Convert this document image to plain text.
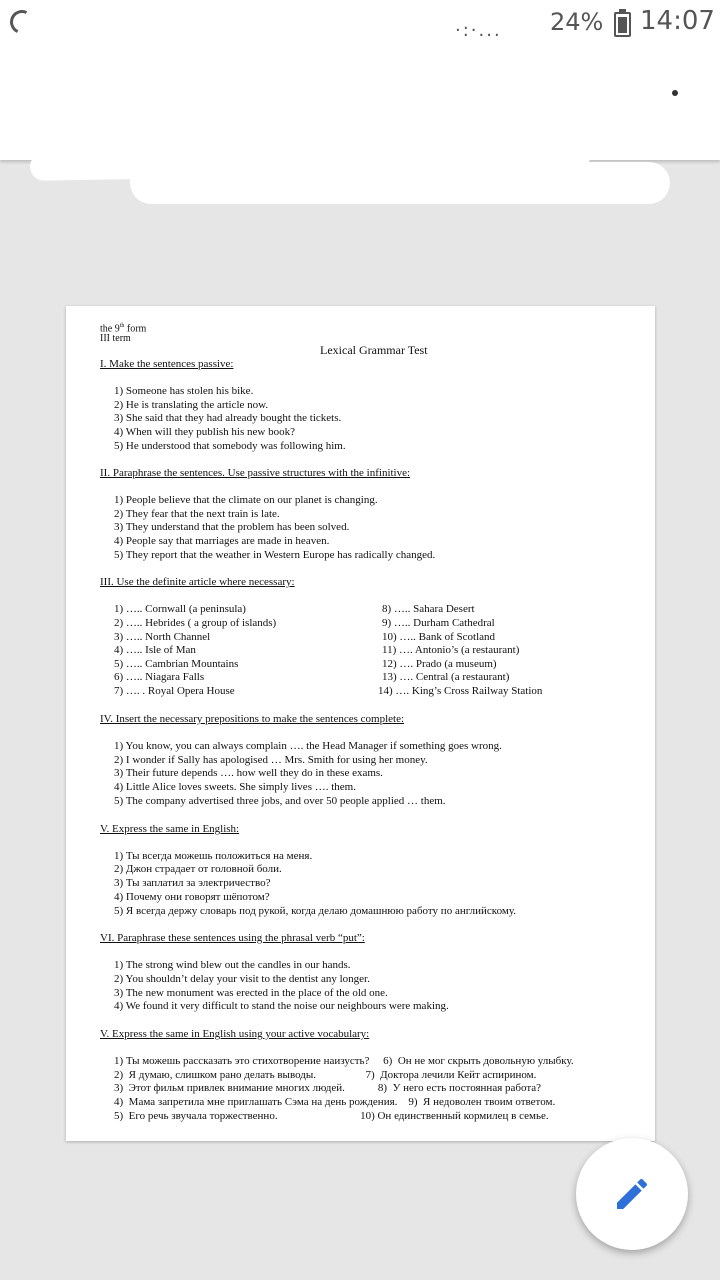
·:·... 24% 14:07
the 9th form
III term
Lexical Grammar Test
I. Make the sentences passive:
1) Someone has stolen his bike.
2) He is translating the article now.
3) She said that they had already bought the tickets.
4) When will they publish his new book?
5) He understood that somebody was following him.
II. Paraphrase the sentences. Use passive structures with the infinitive:
1) People believe that the climate on our planet is changing.
2) They fear that the next train is late.
3) They understand that the problem has been solved.
4) People say that marriages are made in heaven.
5) They report that the weather in Western Europe has radically changed.
III. Use the definite article where necessary:
1) ….. Cornwall (a peninsula)
2) ….. Hebrides ( a group of islands)
3) ….. North Channel
4) ….. Isle of Man
5) ….. Cambrian Mountains
6) ….. Niagara Falls
7) …. . Royal Opera House
8) ….. Sahara Desert
9) ….. Durham Cathedral
10) ….. Bank of Scotland
11) …. Antonio’s (a restaurant)
12) …. Prado (a museum)
13) …. Central (a restaurant)
14) …. King’s Cross Railway Station
IV. Insert the necessary prepositions to make the sentences complete:
1) You know, you can always complain …. the Head Manager if something goes wrong.
2) I wonder if Sally has apologised … Mrs. Smith for using her money.
3) Their future depends …. how well they do in these exams.
4) Little Alice loves sweets. She simply lives …. them.
5) The company advertised three jobs, and over 50 people applied … them.
V. Express the same in English:
1) Ты всегда можешь положиться на меня.
2) Джон страдает от головной боли.
3) Ты заплатил за электричество?
4) Почему они говорят шёпотом?
5) Я всегда держу словарь под рукой, когда делаю домашнюю работу по английскому.
VI. Paraphrase these sentences using the phrasal verb “put”:
1) The strong wind blew out the candles in our hands.
2) You shouldn’t delay your visit to the dentist any longer.
3) The new monument was erected in the place of the old one.
4) We found it very difficult to stand the noise our neighbours were making.
V. Express the same in English using your active vocabulary:
1) Ты можешь рассказать это стихотворение наизусть?     6)  Он не мог скрыть довольную улыбку.
2)  Я думаю, слишком рано делать выводы.                  7)  Доктора лечили Кейт аспирином.
3)  Этот фильм привлек внимание многих людей.            8)  У него есть постоянная работа?
4)  Мама запретила мне приглашать Сэма на день рождения.    9)  Я недоволен твоим ответом.
5)  Его речь звучала торжественно.                              10) Он единственный кормилец в семье.
